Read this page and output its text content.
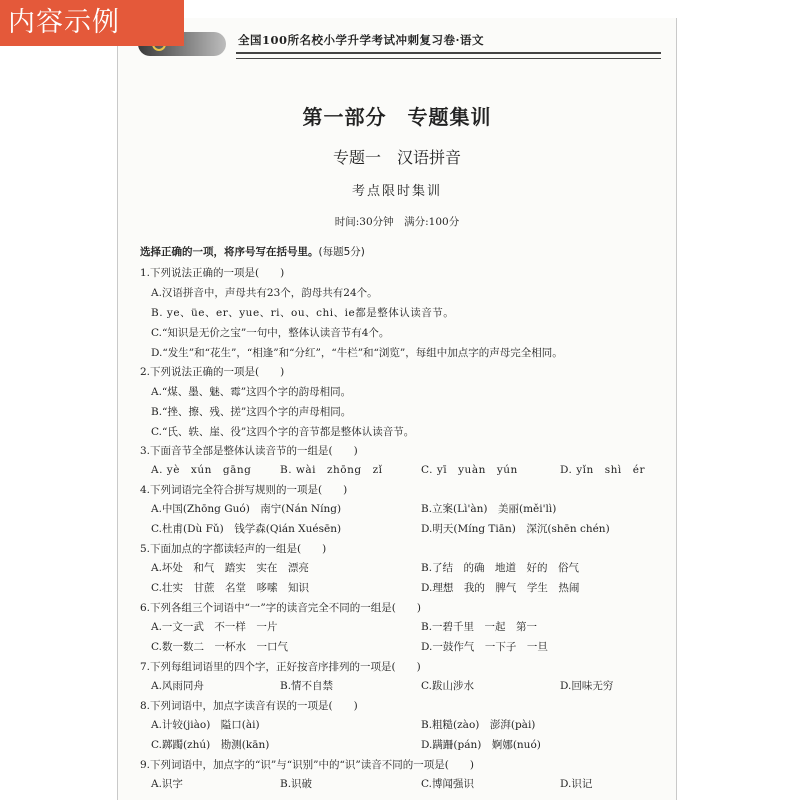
内容示例
全国100所名校小学升学考试冲刺复习卷·语文
第一部分　专题集训
专题一　汉语拼音
考点限时集训
时间:30分钟　满分:100分
选择正确的一项，将序号写在括号里。(每题5分)
1.下列说法正确的一项是(　　)
A.汉语拼音中，声母共有23个，韵母共有24个。
B. ye、üe、er、yue、ri、ou、chi、ie都是整体认读音节。
C.“知识是无价之宝”一句中，整体认读音节有4个。
D.“发生”和“花生”，“相逢”和“分红”，“牛栏”和“浏览”，每组中加点字的声母完全相同。
2.下列说法正确的一项是(　　)
A.“煤、墨、魅、霉”这四个字的韵母相同。
B.“挫、擦、残、搓”这四个字的声母相同。
C.“氏、轶、崖、役”这四个字的音节都是整体认读音节。
3.下面音节全部是整体认读音节的一组是(　　)
A. yè　xún　gāng	B. wài　zhōng　zǐ	C. yī　yuàn　yún	D. yǐn　shì　ér
4.下列词语完全符合拼写规则的一项是(　　)
A.中国(Zhōng Guó)　南宁(Nán Níng)	B.立案(Lì'àn)　美丽(měi'lì)
C.杜甫(Dù Fǔ)　钱学森(Qián Xuésēn)	D.明天(Míng Tiān)　深沉(shēn chén)
5.下面加点的字都读轻声的一组是(　　)
A.坏处　和气　踏实　实在　漂亮	B.了结　的确　地道　好的　俗气
C.壮实　甘蔗　名堂　哆嗦　知识	D.理想　我的　脾气　学生　热闹
6.下列各组三个词语中“一”字的读音完全不同的一组是(　　)
A.一文一武　不一样　一片	B.一碧千里　一起　第一
C.数一数二　一杯水　一口气	D.一鼓作气　一下子　一旦
7.下列每组词语里的四个字，正好按音序排列的一项是(　　)
A.风雨同舟	B.情不自禁	C.跋山涉水	D.回味无穷
8.下列词语中，加点字读音有误的一项是(　　)
A.计较(jiào)　隘口(ài)	B.粗糙(zào)　澎湃(pài)
C.踯躅(zhú)　勘测(kān)	D.蹒跚(pán)　婀娜(nuó)
9.下列词语中，加点字的“识”与“识别”中的“识”读音不同的一项是(　　)
A.识字	B.识破	C.博闻强识	D.识记
